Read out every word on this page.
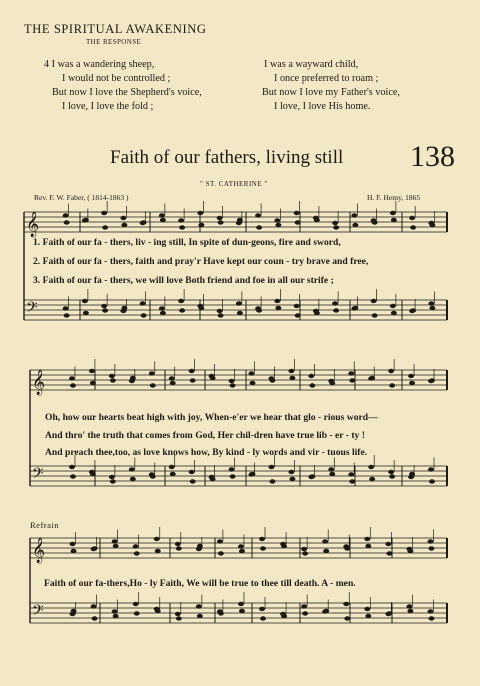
THE SPIRITUAL AWAKENING
THE RESPONSE
4 I was a wandering sheep,
I would not be controlled ;
But now I love the Shepherd's voice,
I love, I love the fold ;
I was a wayward child,
I once preferred to roam ;
But now I love my Father's voice,
I love, I love His home.
Faith of our fathers, living still 138
" ST. CATHERINE "
Rev. F. W. Faber, ( 1814-1863 )	H. F. Hemy, 1865
𝄞
𝄢
𝄞
𝄢
𝄞
𝄢
1. Faith of our fa - thers, liv - ing still, In spite of dun-geons, fire and sword,
2. Faith of our fa - thers, faith and pray'r Have kept our coun - try brave and free,
3. Faith of our fa - thers, we will love Both friend and foe in all our strife ;
Oh, how our hearts beat high with joy, When-e'er we hear that glo - rious word—
And thro' the truth that comes from God, Her chil-dren have true lib - er - ty !
And preach thee,too, as love knows how, By kind - ly words and vir - tuous life.
Refrain
Faith of our fa-thers,Ho - ly Faith, We will be true to thee till death. A - men.
